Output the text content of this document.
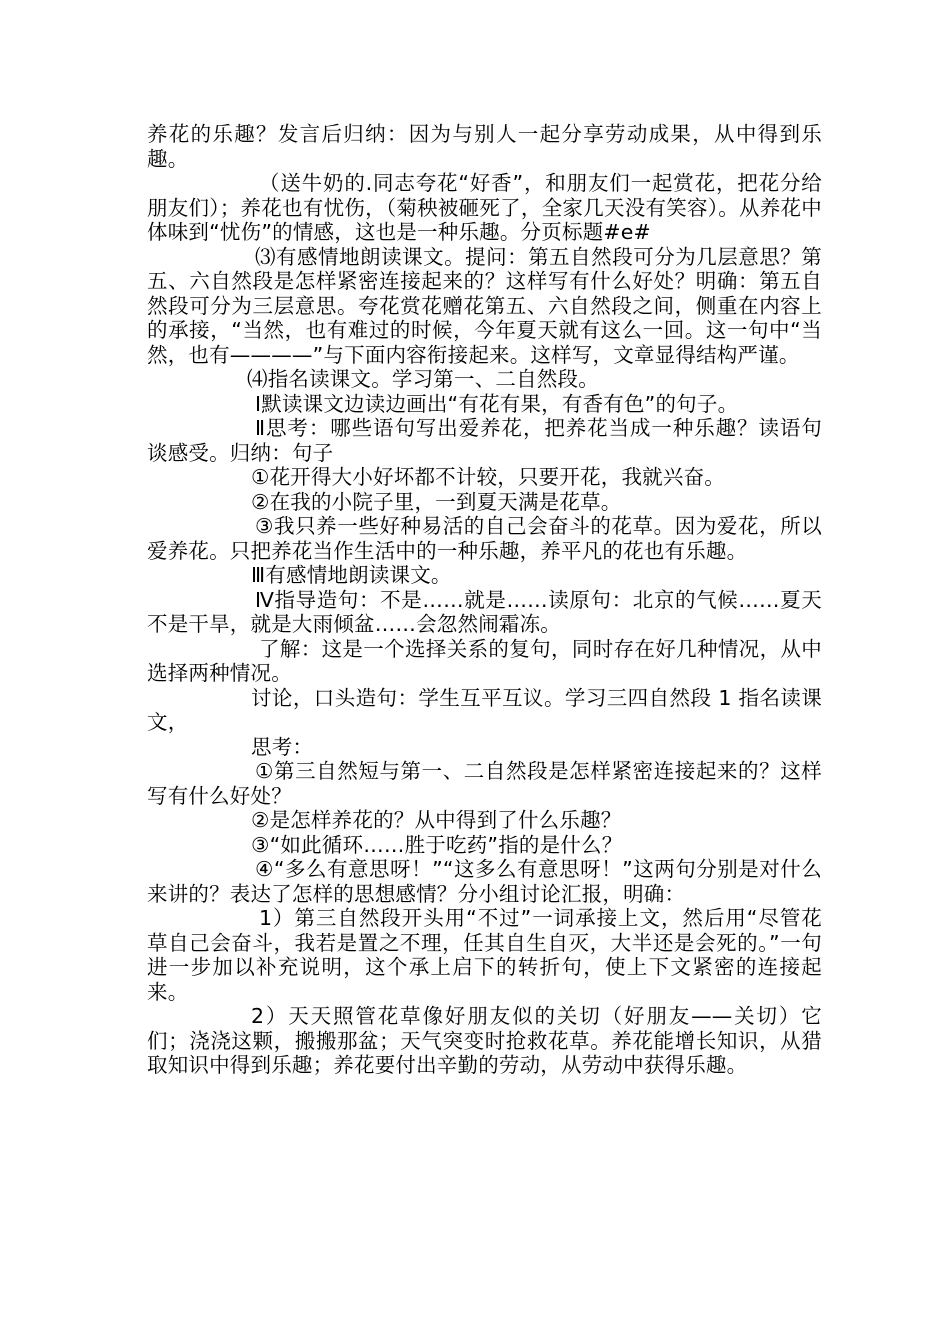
养花的乐趣？发言后归纳：因为与别人一起分享劳动成果，从中得到乐趣。

（送牛奶的.同志夸花“好香”，和朋友们一起赏花，把花分给朋友们）；养花也有忧伤，（菊秧被砸死了，全家几天没有笑容）。从养花中体味到“忧伤”的情感，这也是一种乐趣。分页标题#e#

⑶有感情地朗读课文。提问：第五自然段可分为几层意思？第五、六自然段是怎样紧密连接起来的？这样写有什么好处？明确：第五自然段可分为三层意思。夸花赏花赠花第五、六自然段之间，侧重在内容上的承接，“当然，也有难过的时候，今年夏天就有这么一回。这一句中“当然，也有————”与下面内容衔接起来。这样写，文章显得结构严谨。

⑷指名读课文。学习第一、二自然段。

Ⅰ默读课文边读边画出“有花有果，有香有色”的句子。

Ⅱ思考：哪些语句写出爱养花，把养花当成一种乐趣？读语句谈感受。归纳：句子

①花开得大小好坏都不计较，只要开花，我就兴奋。

②在我的小院子里，一到夏天满是花草。

③我只养一些好种易活的自己会奋斗的花草。因为爱花，所以爱养花。只把养花当作生活中的一种乐趣，养平凡的花也有乐趣。

Ⅲ有感情地朗读课文。

Ⅳ指导造句：不是……就是……读原句：北京的气候……夏天不是干旱，就是大雨倾盆……会忽然闹霜冻。

了解：这是一个选择关系的复句，同时存在好几种情况，从中选择两种情况。

讨论，口头造句：学生互平互议。学习三四自然段 1 指名读课文，

思考：

①第三自然短与第一、二自然段是怎样紧密连接起来的？这样写有什么好处？

②是怎样养花的？从中得到了什么乐趣？

③“如此循环……胜于吃药”指的是什么？

④“多么有意思呀！”“这多么有意思呀！”这两句分别是对什么来讲的？表达了怎样的思想感情？分小组讨论汇报，明确：

1）第三自然段开头用“不过”一词承接上文，然后用“尽管花草自己会奋斗，我若是置之不理，任其自生自灭，大半还是会死的。”一句进一步加以补充说明，这个承上启下的转折句，使上下文紧密的连接起来。

2）天天照管花草像好朋友似的关切（好朋友——关切）它们；浇浇这颗，搬搬那盆；天气突变时抢救花草。养花能增长知识，从猎取知识中得到乐趣；养花要付出辛勤的劳动，从劳动中获得乐趣。
